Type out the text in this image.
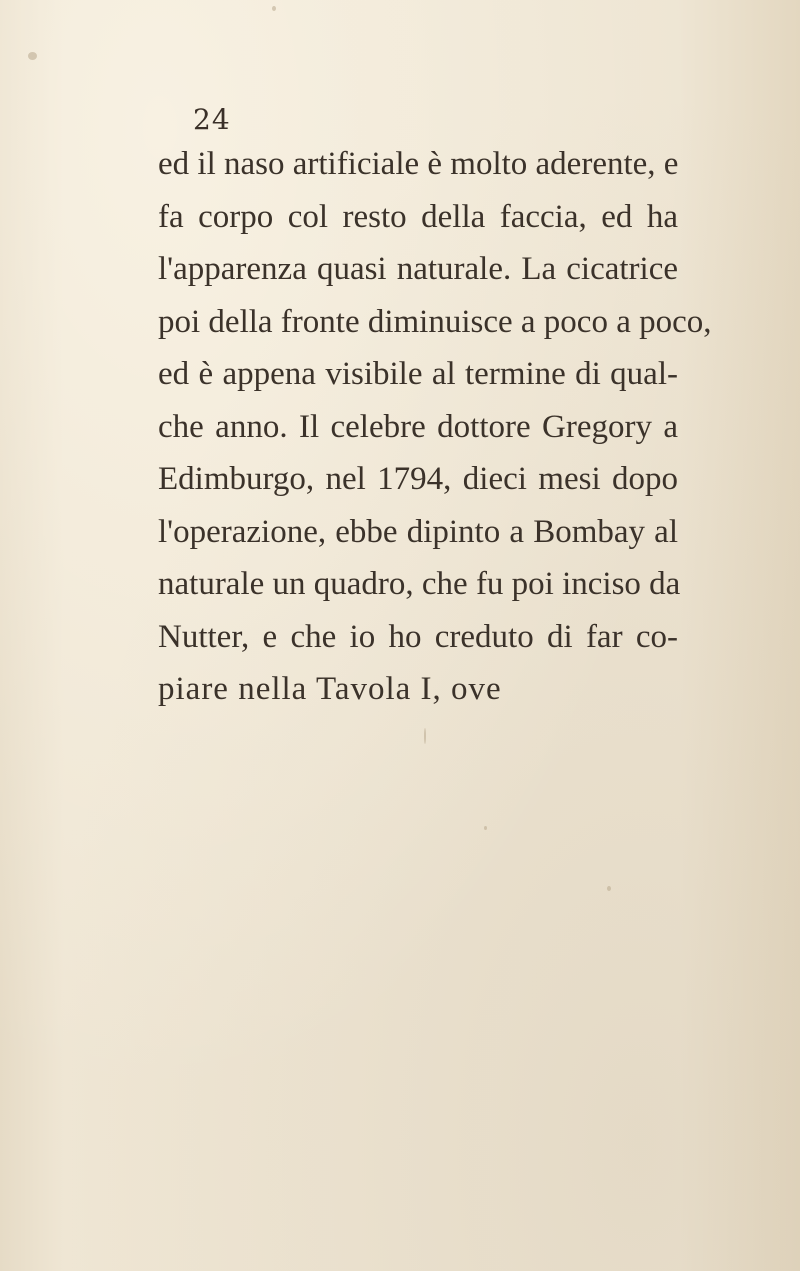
24
ed il naso artificiale è molto aderente, e
fa corpo col resto della faccia, ed ha
l'apparenza quasi naturale. La cicatrice
poi della fronte diminuisce a poco a poco,
ed è appena visibile al termine di qual-
che anno. Il celebre dottore Gregory a
Edimburgo, nel 1794, dieci mesi dopo
l'operazione, ebbe dipinto a Bombay al
naturale un quadro, che fu poi inciso da
Nutter, e che io ho creduto di far co-
piare nella Tavola I, ove
